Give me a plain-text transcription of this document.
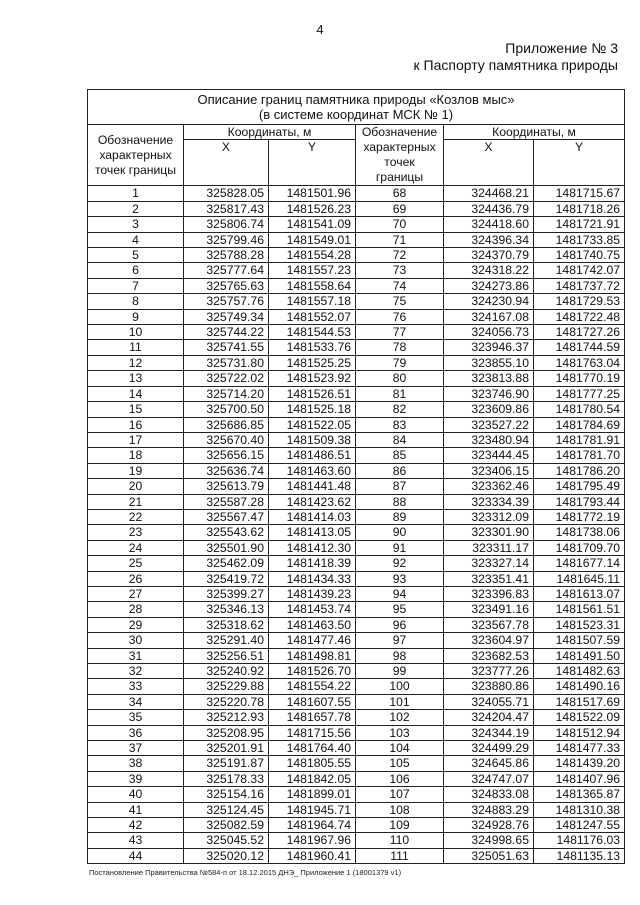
4
Приложение № 3
к Паспорту памятника природы
Описание границ памятника природы «Козлов мыс»
(в системе координат МСК № 1)					

Обозначение характерных точек границы	Координаты, м		Обозначение характерных точек границы	Координаты, м	
	X	Y		X	Y
1	325828.05	1481501.96	68	324468.21	1481715.67
2	325817.43	1481526.23	69	324436.79	1481718.26
3	325806.74	1481541.09	70	324418.60	1481721.91
4	325799.46	1481549.01	71	324396.34	1481733.85
5	325788.28	1481554.28	72	324370.79	1481740.75
6	325777.64	1481557.23	73	324318.22	1481742.07
7	325765.63	1481558.64	74	324273.86	1481737.72
8	325757.76	1481557.18	75	324230.94	1481729.53
9	325749.34	1481552.07	76	324167.08	1481722.48
10	325744.22	1481544.53	77	324056.73	1481727.26
11	325741.55	1481533.76	78	323946.37	1481744.59
12	325731.80	1481525.25	79	323855.10	1481763.04
13	325722.02	1481523.92	80	323813.88	1481770.19
14	325714.20	1481526.51	81	323746.90	1481777.25
15	325700.50	1481525.18	82	323609.86	1481780.54
16	325686.85	1481522.05	83	323527.22	1481784.69
17	325670.40	1481509.38	84	323480.94	1481781.91
18	325656.15	1481486.51	85	323444.45	1481781.70
19	325636.74	1481463.60	86	323406.15	1481786.20
20	325613.79	1481441.48	87	323362.46	1481795.49
21	325587.28	1481423.62	88	323334.39	1481793.44
22	325567.47	1481414.03	89	323312.09	1481772.19
23	325543.62	1481413.05	90	323301.90	1481738.06
24	325501.90	1481412.30	91	323311.17	1481709.70
25	325462.09	1481418.39	92	323327.14	1481677.14
26	325419.72	1481434.33	93	323351.41	1481645.11
27	325399.27	1481439.23	94	323396.83	1481613.07
28	325346.13	1481453.74	95	323491.16	1481561.51
29	325318.62	1481463.50	96	323567.78	1481523.31
30	325291.40	1481477.46	97	323604.97	1481507.59
31	325256.51	1481498.81	98	323682.53	1481491.50
32	325240.92	1481526.70	99	323777.26	1481482.63
33	325229.88	1481554.22	100	323880.86	1481490.16
34	325220.78	1481607.55	101	324055.71	1481517.69
35	325212.93	1481657.78	102	324204.47	1481522.09
36	325208.95	1481715.56	103	324344.19	1481512.94
37	325201.91	1481764.40	104	324499.29	1481477.33
38	325191.87	1481805.55	105	324645.86	1481439.20
39	325178.33	1481842.05	106	324747.07	1481407.96
40	325154.16	1481899.01	107	324833.08	1481365.87
41	325124.45	1481945.71	108	324883.29	1481310.38
42	325082.59	1481964.74	109	324928.76	1481247.55
43	325045.52	1481967.96	110	324998.65	1481176.03
44	325020.12	1481960.41	111	325051.63	1481135.13
Постановление Правительства №584-п от 18.12.2015 ДНЭ_ Приложение 1 (18001379 v1)
